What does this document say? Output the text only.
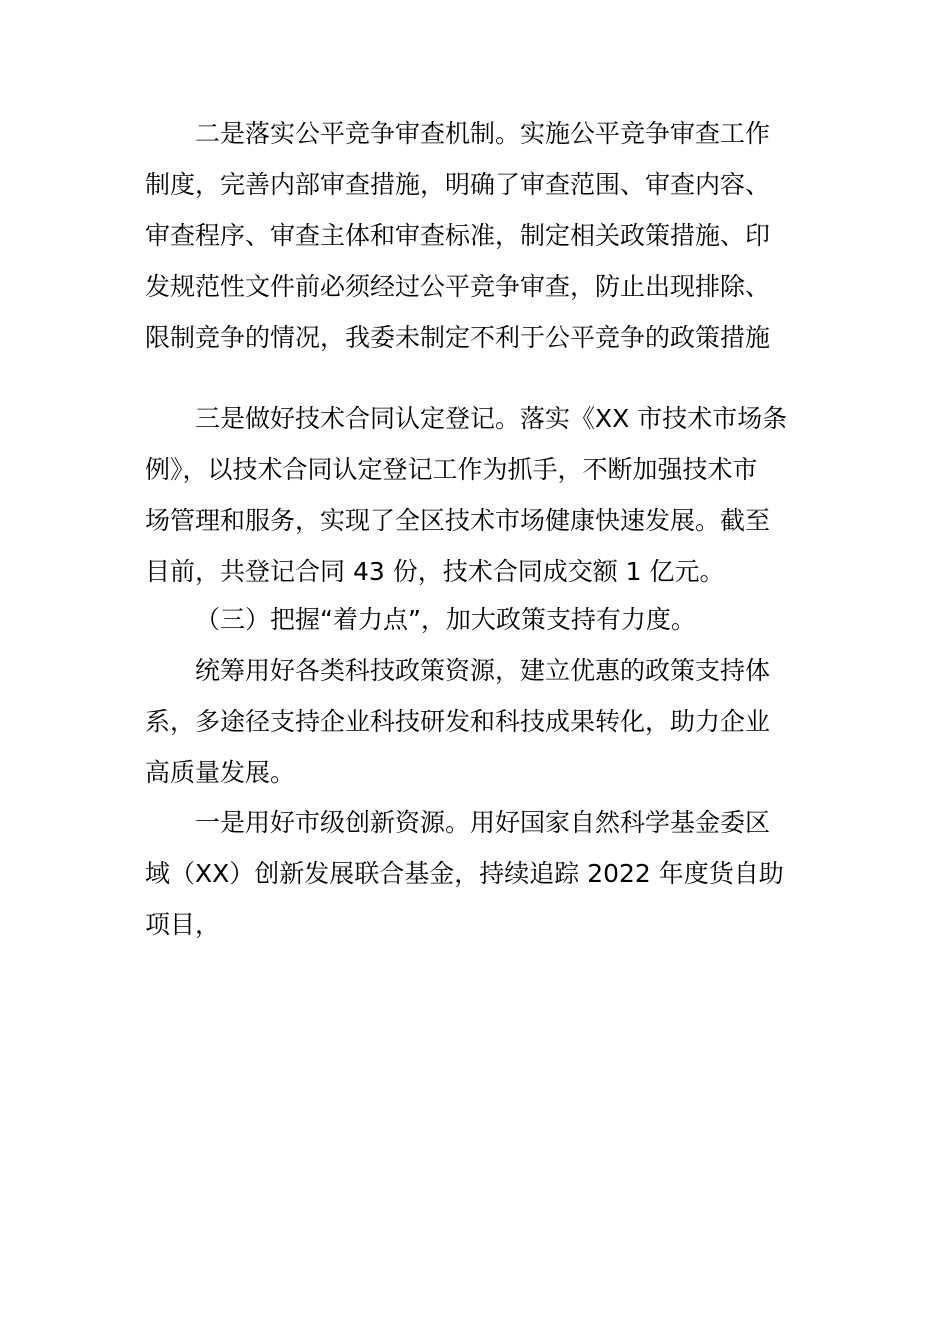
二是落实公平竞争审查机制。实施公平竞争审查工作
制度，完善内部审查措施，明确了审查范围、审查内容、
审查程序、审查主体和审查标准，制定相关政策措施、印
发规范性文件前必须经过公平竞争审查，防止出现排除、
限制竞争的情况，我委未制定不利于公平竞争的政策措施
三是做好技术合同认定登记。落实《XX 市技术市场条
例》，以技术合同认定登记工作为抓手，不断加强技术市
场管理和服务，实现了全区技术市场健康快速发展。截至
目前，共登记合同 43 份，技术合同成交额 1 亿元。
（三）把握“着力点”，加大政策支持有力度。
统筹用好各类科技政策资源，建立优惠的政策支持体
系，多途径支持企业科技研发和科技成果转化，助力企业
高质量发展。
一是用好市级创新资源。用好国家自然科学基金委区
域（XX）创新发展联合基金，持续追踪 2022 年度货自助
项目，
